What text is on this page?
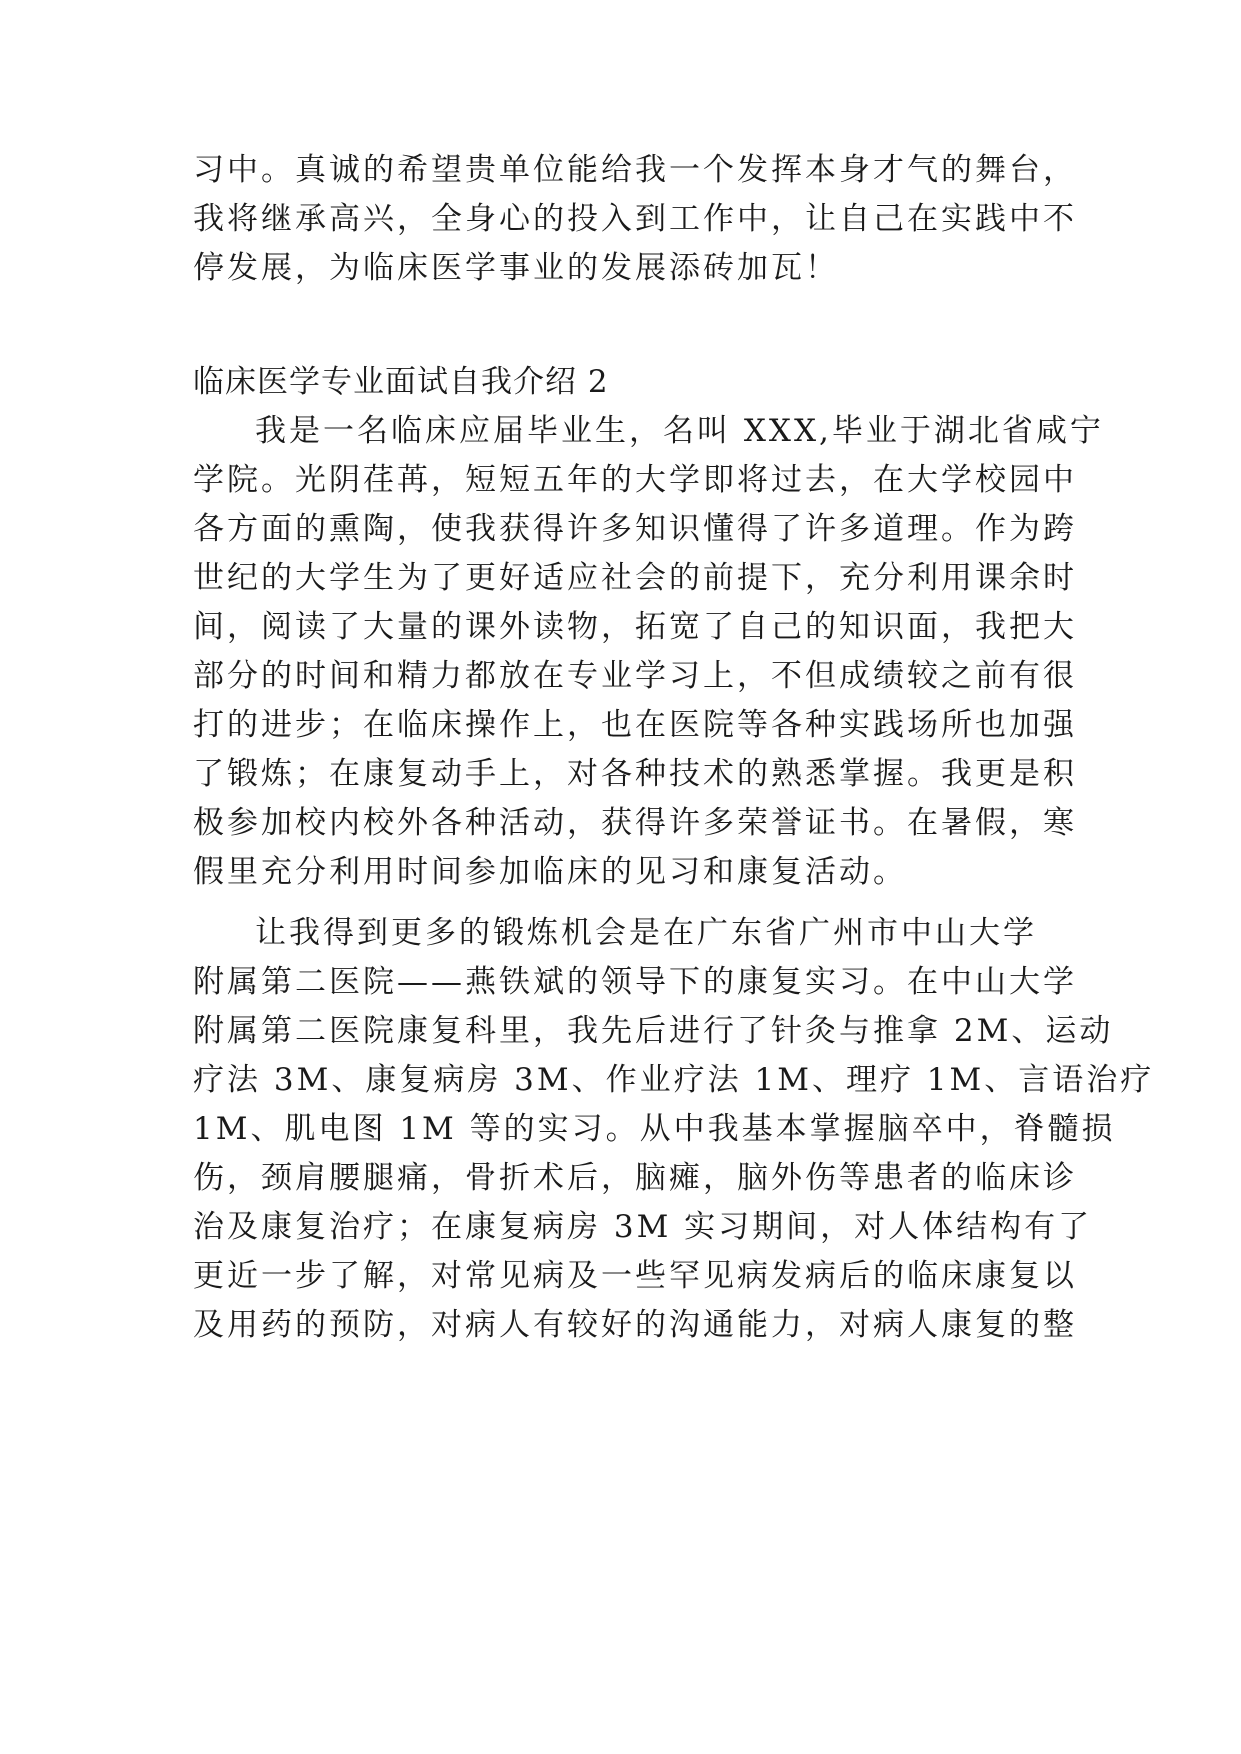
习中。真诚的希望贵单位能给我一个发挥本身才气的舞台，
我将继承高兴，全身心的投入到工作中，让自己在实践中不
停发展，为临床医学事业的发展添砖加瓦！
临床医学专业面试自我介绍 2
我是一名临床应届毕业生，名叫 XXX,毕业于湖北省咸宁
学院。光阴荏苒，短短五年的大学即将过去，在大学校园中
各方面的熏陶，使我获得许多知识懂得了许多道理。作为跨
世纪的大学生为了更好适应社会的前提下，充分利用课余时
间，阅读了大量的课外读物，拓宽了自己的知识面，我把大
部分的时间和精力都放在专业学习上，不但成绩较之前有很
打的进步；在临床操作上，也在医院等各种实践场所也加强
了锻炼；在康复动手上，对各种技术的熟悉掌握。我更是积
极参加校内校外各种活动，获得许多荣誉证书。在暑假，寒
假里充分利用时间参加临床的见习和康复活动。
让我得到更多的锻炼机会是在广东省广州市中山大学
附属第二医院——燕铁斌的领导下的康复实习。在中山大学
附属第二医院康复科里，我先后进行了针灸与推拿 2M、运动
疗法 3M、康复病房 3M、作业疗法 1M、理疗 1M、言语治疗
1M、肌电图 1M 等的实习。从中我基本掌握脑卒中，脊髓损
伤，颈肩腰腿痛，骨折术后，脑瘫，脑外伤等患者的临床诊
治及康复治疗；在康复病房 3M 实习期间，对人体结构有了
更近一步了解，对常见病及一些罕见病发病后的临床康复以
及用药的预防，对病人有较好的沟通能力，对病人康复的整
